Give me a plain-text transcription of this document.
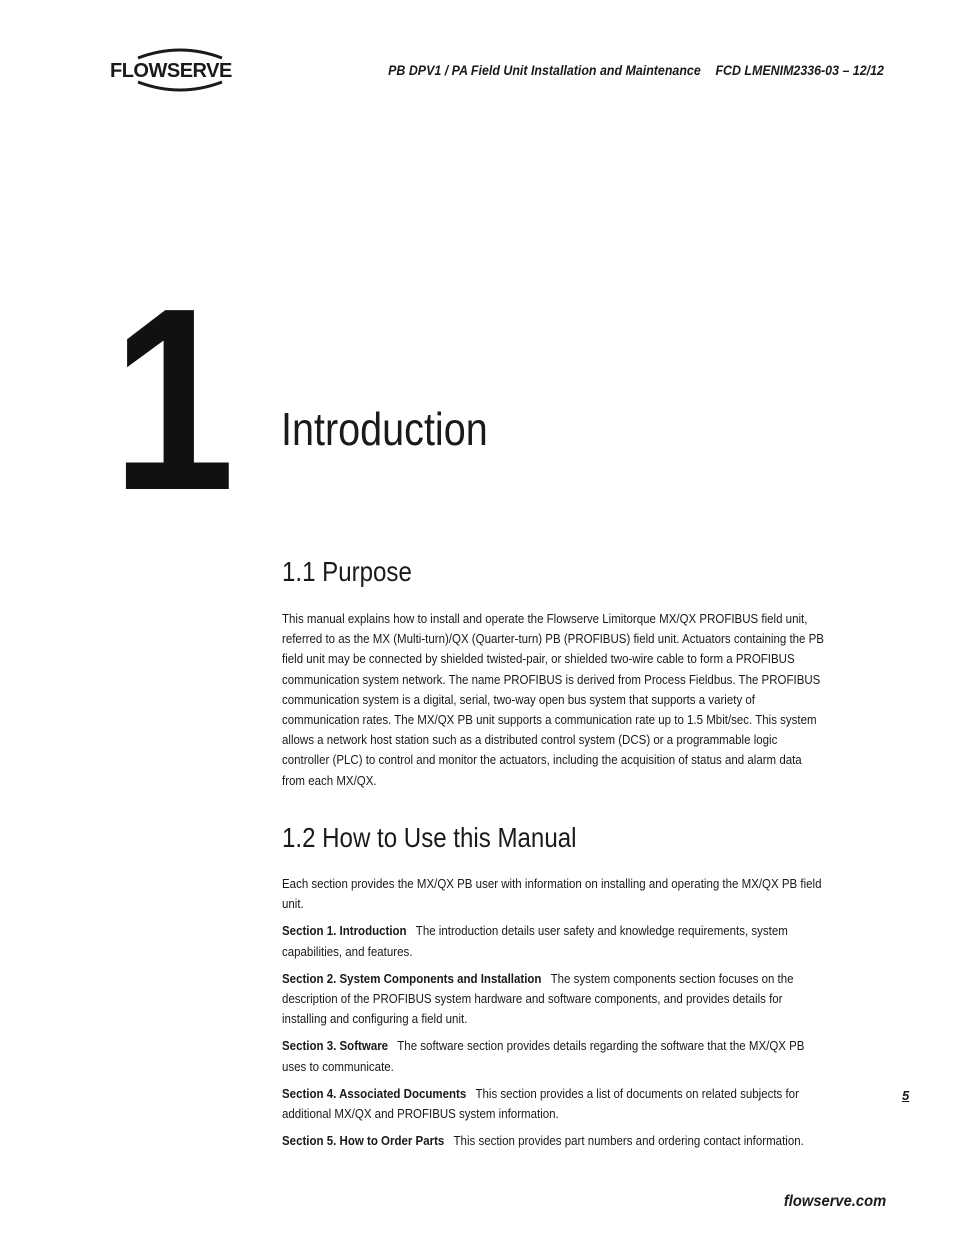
FLOWSERVE	PB DPV1 / PA Field Unit Installation and Maintenance FCD LMENIM2336-03 – 12/12
1 Introduction
1.1 Purpose

This manual explains how to install and operate the Flowserve Limitorque MX/QX PROFIBUS field unit, referred to as the MX (Multi-turn)/QX (Quarter-turn) PB (PROFIBUS) field unit. Actuators containing the PB field unit may be connected by shielded twisted-pair, or shielded two-wire cable to form a PROFIBUS communication system network. The name PROFIBUS is derived from Process Fieldbus. The PROFIBUS communication system is a digital, serial, two-way open bus system that supports a variety of communication rates. The MX/QX PB unit supports a communication rate up to 1.5 Mbit/sec. This system allows a network host station such as a distributed control system (DCS) or a programmable logic controller (PLC) to control and monitor the actuators, including the acquisition of status and alarm data from each MX/QX.

1.2 How to Use this Manual

Each section provides the MX/QX PB user with information on installing and operating the MX/QX PB field unit.

Section 1. Introduction The introduction details user safety and knowledge requirements, system capabilities, and features.

Section 2. System Components and Installation The system components section focuses on the description of the PROFIBUS system hardware and software components, and provides details for installing and configuring a field unit.

Section 3. Software The software section provides details regarding the software that the MX/QX PB uses to communicate.

Section 4. Associated Documents This section provides a list of documents on related subjects for additional MX/QX and PROFIBUS system information.

Section 5. How to Order Parts This section provides part numbers and ordering contact information.

5
flowserve.com
